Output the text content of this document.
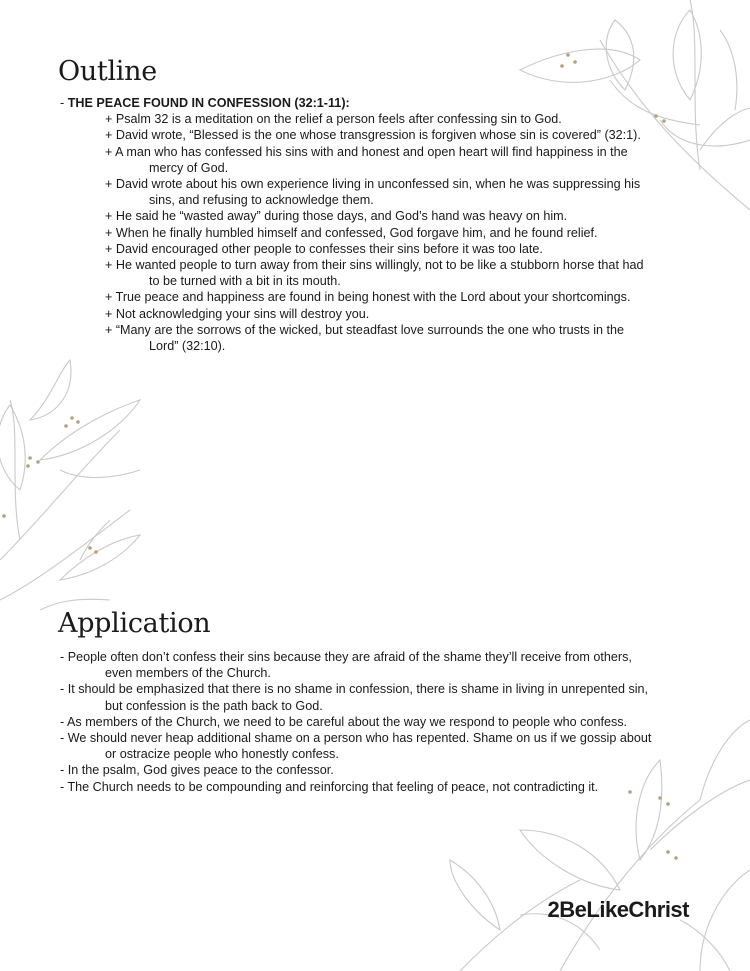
Outline

- THE PEACE FOUND IN CONFESSION (32:1-11):

+ Psalm 32 is a meditation on the relief a person feels after confessing sin to God.

+ David wrote, “Blessed is the one whose transgression is forgiven whose sin is covered” (32:1).

+ A man who has confessed his sins with and honest and open heart will find happiness in the

mercy of God.

+ David wrote about his own experience living in unconfessed sin, when he was suppressing his

sins, and refusing to acknowledge them.

+ He said he “wasted away” during those days, and God’s hand was heavy on him.

+ When he finally humbled himself and confessed, God forgave him, and he found relief.

+ David encouraged other people to confesses their sins before it was too late.

+ He wanted people to turn away from their sins willingly, not to be like a stubborn horse that had

to be turned with a bit in its mouth.

+ True peace and happiness are found in being honest with the Lord about your shortcomings.

+ Not acknowledging your sins will destroy you.

+ “Many are the sorrows of the wicked, but steadfast love surrounds the one who trusts in the

Lord” (32:10).

Application

- People often don’t confess their sins because they are afraid of the shame they’ll receive from others,

even members of the Church.

- It should be emphasized that there is no shame in confession, there is shame in living in unrepented sin,

but confession is the path back to God.

- As members of the Church, we need to be careful about the way we respond to people who confess.

- We should never heap additional shame on a person who has repented. Shame on us if we gossip about

or ostracize people who honestly confess.

- In the psalm, God gives peace to the confessor.

- The Church needs to be compounding and reinforcing that feeling of peace, not contradicting it.

2BeLikeChrist
